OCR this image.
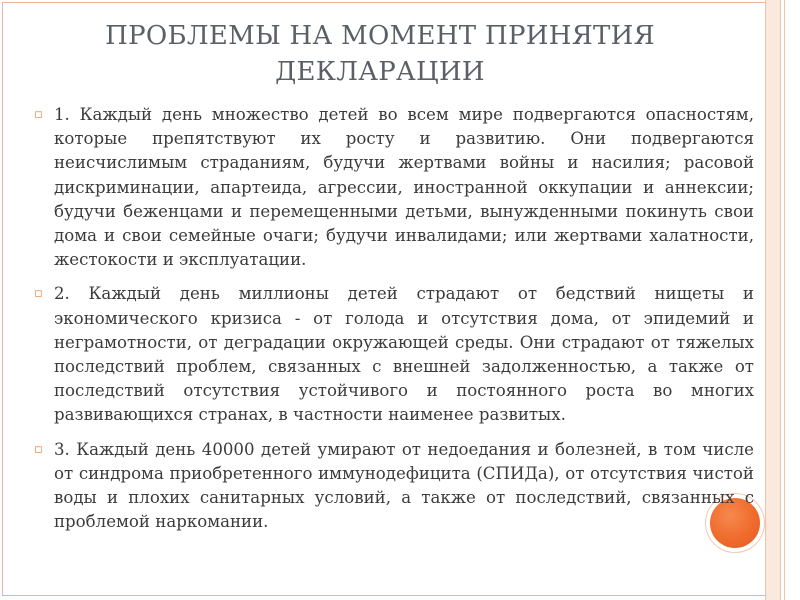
ПРОБЛЕМЫ НА МОМЕНТ ПРИНЯТИЯ ДЕКЛАРАЦИИ

▫ 1. Каждый день множество детей во всем мире подвергаются опасностям, которые препятствуют их росту и развитию. Они подвергаются неисчислимым страданиям, будучи жертвами войны и насилия; расовой дискриминации, апартеида, агрессии, иностранной оккупации и аннексии; будучи беженцами и перемещенными детьми, вынужденными покинуть свои дома и свои семейные очаги; будучи инвалидами; или жертвами халатности, жестокости и эксплуатации.

▫ 2. Каждый день миллионы детей страдают от бедствий нищеты и экономического кризиса - от голода и отсутствия дома, от эпидемий и неграмотности, от деградации окружающей среды. Они страдают от тяжелых последствий проблем, связанных с внешней задолженностью, а также от последствий отсутствия устойчивого и постоянного роста во многих развивающихся странах, в частности наименее развитых.

▫ 3. Каждый день 40000 детей умирают от недоедания и болезней, в том числе от синдрома приобретенного иммунодефицита (СПИДа), от отсутствия чистой воды и плохих санитарных условий, а также от последствий, связанных с проблемой наркомании.
